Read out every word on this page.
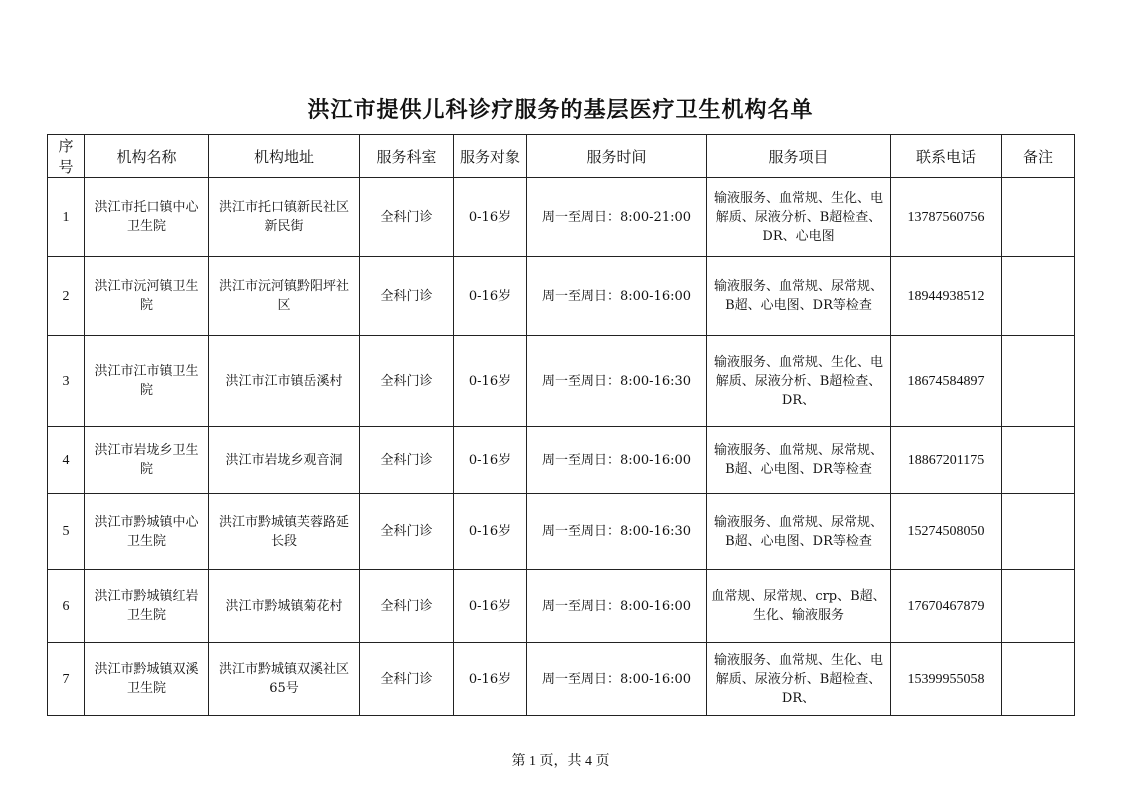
洪江市提供儿科诊疗服务的基层医疗卫生机构名单
序号	机构名称	机构地址	服务科室	服务对象	服务时间	服务项目	联系电话	备注
1	洪江市托口镇中心卫生院	洪江市托口镇新民社区新民街	全科门诊	0-16岁	周一至周日：8:00-21:00	输液服务、血常规、生化、电解质、尿液分析、B超检查、DR、心电图	13787560756	
2	洪江市沅河镇卫生院	洪江市沅河镇黔阳坪社区	全科门诊	0-16岁	周一至周日：8:00-16:00	输液服务、血常规、尿常规、B超、心电图、DR等检查	18944938512	
3	洪江市江市镇卫生院	洪江市江市镇岳溪村	全科门诊	0-16岁	周一至周日：8:00-16:30	输液服务、血常规、生化、电解质、尿液分析、B超检查、DR、	18674584897	
4	洪江市岩垅乡卫生院	洪江市岩垅乡观音洞	全科门诊	0-16岁	周一至周日：8:00-16:00	输液服务、血常规、尿常规、B超、心电图、DR等检查	18867201175	
5	洪江市黔城镇中心卫生院	洪江市黔城镇芙蓉路延长段	全科门诊	0-16岁	周一至周日：8:00-16:30	输液服务、血常规、尿常规、B超、心电图、DR等检查	15274508050	
6	洪江市黔城镇红岩卫生院	洪江市黔城镇菊花村	全科门诊	0-16岁	周一至周日：8:00-16:00	血常规、尿常规、crp、B超、生化、输液服务	17670467879	
7	洪江市黔城镇双溪卫生院	洪江市黔城镇双溪社区65号	全科门诊	0-16岁	周一至周日：8:00-16:00	输液服务、血常规、生化、电解质、尿液分析、B超检查、DR、	15399955058	
第 1 页，共 4 页
